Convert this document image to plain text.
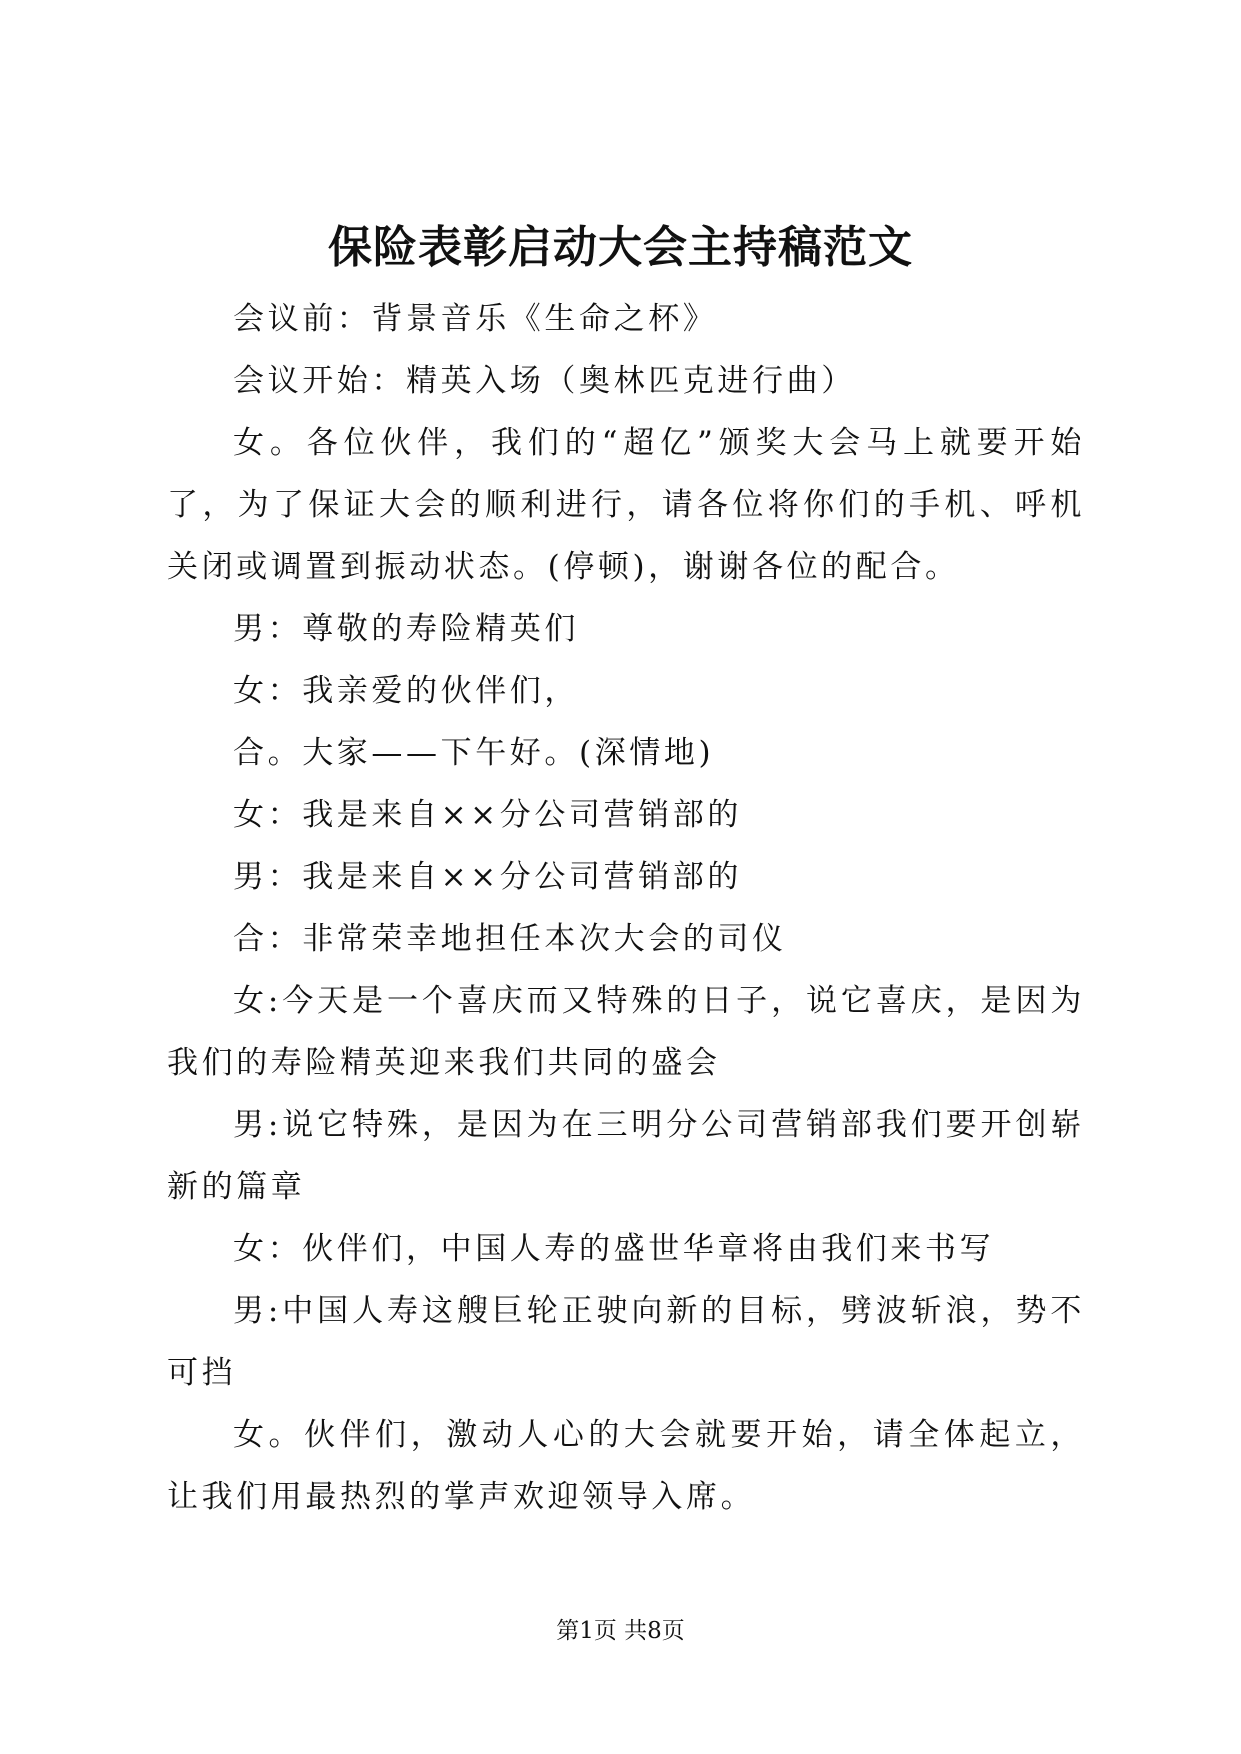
保险表彰启动大会主持稿范文

会议前：背景音乐《生命之杯》

会议开始：精英入场（奥林匹克进行曲）

女。各位伙伴，我们的“超亿”颁奖大会马上就要开始了，为了保证大会的顺利进行，请各位将你们的手机、呼机关闭或调置到振动状态。(停顿)，谢谢各位的配合。

男：尊敬的寿险精英们

女：我亲爱的伙伴们，

合。大家——下午好。(深情地)

女：我是来自××分公司营销部的

男：我是来自××分公司营销部的

合：非常荣幸地担任本次大会的司仪

女:今天是一个喜庆而又特殊的日子，说它喜庆，是因为我们的寿险精英迎来我们共同的盛会

男:说它特殊，是因为在三明分公司营销部我们要开创崭新的篇章

女：伙伴们，中国人寿的盛世华章将由我们来书写

男:中国人寿这艘巨轮正驶向新的目标，劈波斩浪，势不可挡

女。伙伴们，激动人心的大会就要开始，请全体起立，让我们用最热烈的掌声欢迎领导入席。

第1页 共8页
